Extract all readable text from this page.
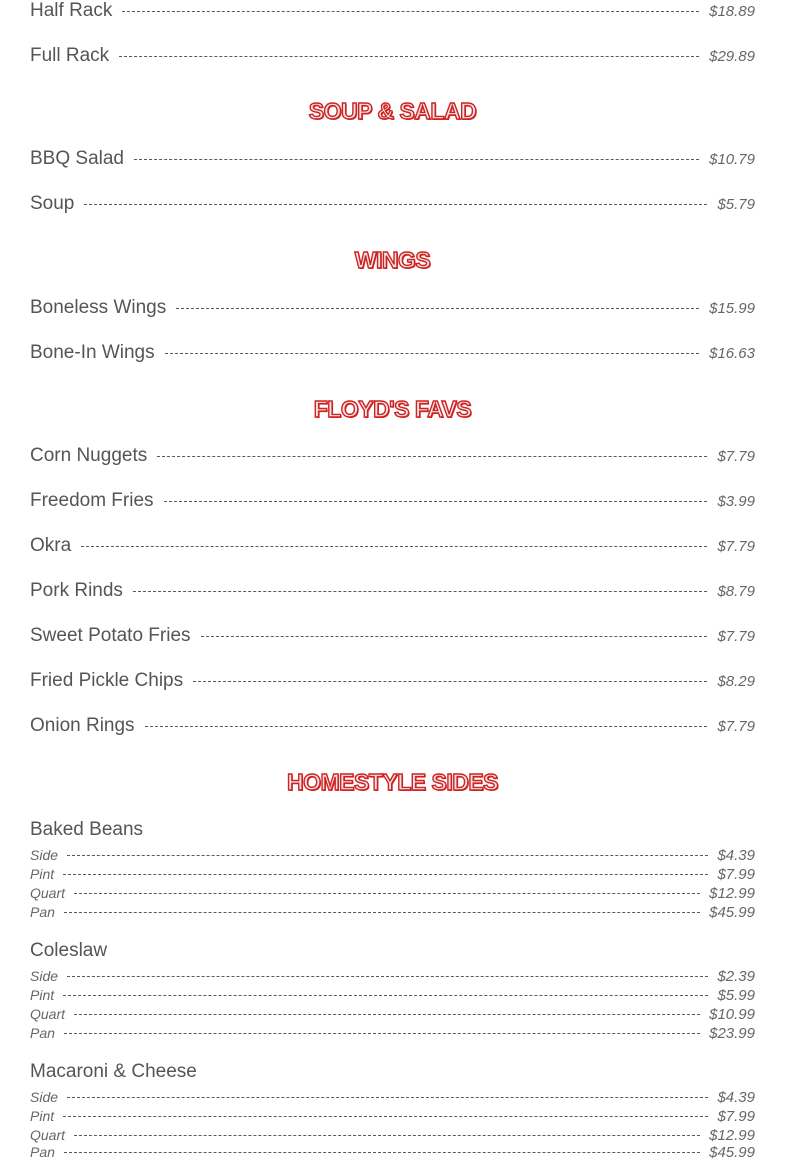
Half Rack	$18.89
Full Rack	$29.89
SOUP & SALAD
BBQ Salad	$10.79
Soup	$5.79
WINGS
Boneless Wings	$15.99
Bone-In Wings	$16.63
FLOYD'S FAVS
Corn Nuggets	$7.79
Freedom Fries	$3.99
Okra	$7.79
Pork Rinds	$8.79
Sweet Potato Fries	$7.79
Fried Pickle Chips	$8.29
Onion Rings	$7.79
HOMESTYLE SIDES
Baked Beans
Side	$4.39
Pint	$7.99
Quart	$12.99
Pan	$45.99
Coleslaw
Side	$2.39
Pint	$5.99
Quart	$10.99
Pan	$23.99
Macaroni & Cheese
Side	$4.39
Pint	$7.99
Quart	$12.99
Pan	$45.99
